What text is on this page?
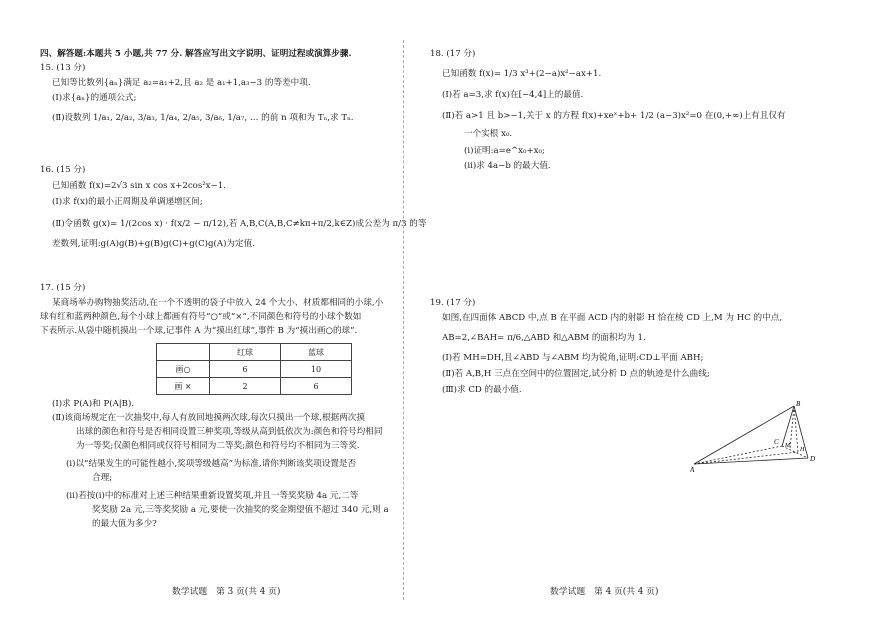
四、解答题:本题共 5 小题,共 77 分. 解答应写出文字说明、证明过程或演算步骤.
15. (13 分)
已知等比数列{aₙ}满足 a₂=a₁+2,且 a₂ 是 a₁+1,a₃−3 的等差中项.
(Ⅰ)求{aₙ}的通项公式;
(Ⅱ)设数列 1/a₁, 2/a₂, 3/a₃, 1/a₄, 2/a₅, 3/a₆, 1/a₇, … 的前 n 项和为 Tₙ,求 Tₙ.
16. (15 分)
已知函数 f(x)=2√3 sin x cos x+2cos²x−1.
(Ⅰ)求 f(x)的最小正周期及单调递增区间;
(Ⅱ)令函数 g(x)= 1/(2cos x) · f(x/2 − π/12),若 A,B,C(A,B,C≠kπ+π/2,k∈Z)成公差为 π/3 的等
差数列,证明:g(A)g(B)+g(B)g(C)+g(C)g(A)为定值.
17. (15 分)
某商场举办购物抽奖活动,在一个不透明的袋子中放入 24 个大小、材质都相同的小球,小
球有红和蓝两种颜色,每个小球上都画有符号“○”或“×”,不同颜色和符号的小球个数如
下表所示.从袋中随机摸出一个球,记事件 A 为“摸出红球”,事件 B 为“摸出画○的球”.
	红球	蓝球
画○	6	10
画 ×	2	6
(Ⅰ)求 P(A)和 P(A|B).
(Ⅱ)该商场规定在一次抽奖中,每人有放回地摸两次球,每次只摸出一个球,根据两次摸
出球的颜色和符号是否相同设置三种奖项,等级从高到低依次为:颜色和符号均相同
为一等奖;仅颜色相同或仅符号相同为二等奖;颜色和符号均不相同为三等奖.
(ⅰ)以“结果发生的可能性越小,奖项等级越高”为标准,请你判断该奖项设置是否
合理;
(ⅱ)若按(ⅰ)中的标准对上述三种结果重新设置奖项,并且一等奖奖励 4a 元,二等
奖奖励 2a 元,三等奖奖励 a 元,要使一次抽奖的奖金期望值不超过 340 元,则 a
的最大值为多少?
数学试题　第 3 页(共 4 页)
18. (17 分)
已知函数 f(x)= 1/3 x³+(2−a)x²−ax+1.
(Ⅰ)若 a=3,求 f(x)在[−4,4]上的最值.
(Ⅱ)若 a>1 且 b>−1,关于 x 的方程 f(x)+xeˣ+b+ 1/2 (a−3)x²=0 在(0,+∞)上有且仅有
一个实根 x₀.
(ⅰ)证明:a=e^x₀+x₀;
(ⅱ)求 4a−b 的最大值.
19. (17 分)
如图,在四面体 ABCD 中,点 B 在平面 ACD 内的射影 H 恰在棱 CD 上,M 为 HC 的中点,
AB=2,∠BAH= π/6,△ABD 和△ABM 的面积均为 1.
(Ⅰ)若 MH=DH,且∠ABD 与∠ABM 均为锐角,证明:CD⊥平面 ABH;
(Ⅱ)若 A,B,H 三点在空间中的位置固定,试分析 D 点的轨迹是什么曲线;
(Ⅲ)求 CD 的最小值.
B
C M
D
H
A
数学试题　第 4 页(共 4 页)
